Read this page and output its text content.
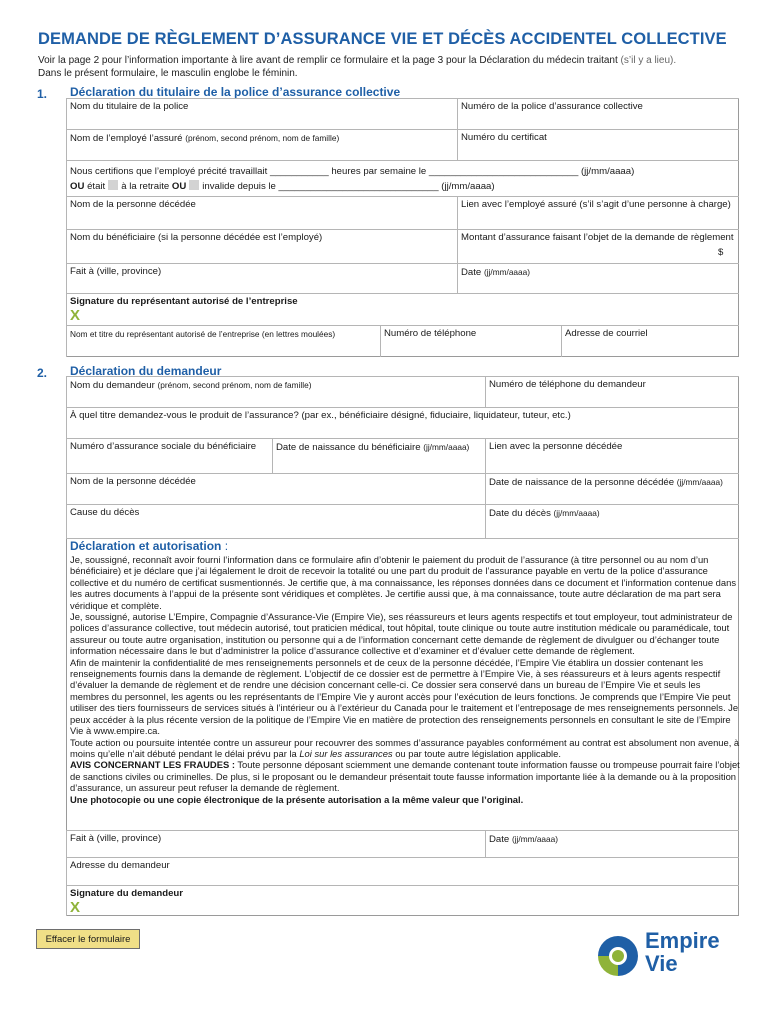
DEMANDE DE RÈGLEMENT D’ASSURANCE VIE ET DÉCÈS ACCIDENTEL COLLECTIVE
Voir la page 2 pour l’information importante à lire avant de remplir ce formulaire et la page 3 pour la Déclaration du médecin traitant (s’il y a lieu).
Dans le présent formulaire, le masculin englobe le féminin.
1. Déclaration du titulaire de la police d’assurance collective
Nom du titulaire de la police	Numéro de la police d’assurance collective
Nom de l’employé l’assuré (prénom, second prénom, nom de famille)	Numéro du certificat
Nous certifions que l’employé précité travaillait ___________ heures par semaine le ____________________________ (jj/mm/aaaa)
OU était à la retraite OU invalide depuis le ______________________________ (jj/mm/aaaa)
Nom de la personne décédée	Lien avec l’employé assuré (s’il s’agit d’une personne à charge)
Nom du bénéficiaire (si la personne décédée est l’employé)	Montant d’assurance faisant l’objet de la demande de règlement
$
Fait à (ville, province)	Date (jj/mm/aaaa)
Signature du représentant autorisé de l’entreprise
X
Nom et titre du représentant autorisé de l’entreprise (en lettres moulées)	Numéro de téléphone	Adresse de courriel
2. Déclaration du demandeur
Nom du demandeur (prénom, second prénom, nom de famille)	Numéro de téléphone du demandeur
À quel titre demandez-vous le produit de l’assurance? (par ex., bénéficiaire désigné, fiduciaire, liquidateur, tuteur, etc.)
Numéro d’assurance sociale du bénéficiaire	Date de naissance du bénéficiaire (jj/mm/aaaa)	Lien avec la personne décédée
Nom de la personne décédée	Date de naissance de la personne décédée (jj/mm/aaaa)
Cause du décès	Date du décès (jj/mm/aaaa)
Déclaration et autorisation :

Je, soussigné, reconnaît avoir fourni l’information dans ce formulaire afin d’obtenir le paiement du produit de l’assurance (à titre personnel ou au nom d’un bénéficiaire) et je déclare que j’ai légalement le droit de recevoir la totalité ou une part du produit de l’assurance payable en vertu de la police d’assurance collective et du numéro de certificat susmentionnés. Je certifie que, à ma connaissance, les réponses données dans ce document et l’information contenue dans les autres documents à l’appui de la présente sont véridiques et complètes. Je certifie aussi que, à ma connaissance, toute autre déclaration de ma part sera véridique et complète.

Je, soussigné, autorise L’Empire, Compagnie d’Assurance-Vie (Empire Vie), ses réassureurs et leurs agents respectifs et tout employeur, tout administrateur de polices d’assurance collective, tout médecin autorisé, tout praticien médical, tout hôpital, toute clinique ou toute autre institution médicale ou paramédicale, tout assureur ou toute autre organisation, institution ou personne qui a de l’information concernant cette demande de règlement de divulguer ou d’échanger toute information nécessaire dans le but d’administrer la police d’assurance collective et d’examiner et d’évaluer cette demande de règlement.

Afin de maintenir la confidentialité de mes renseignements personnels et de ceux de la personne décédée, l’Empire Vie établira un dossier contenant les renseignements fournis dans la demande de règlement. L’objectif de ce dossier est de permettre à l’Empire Vie, à ses réassureurs et à leurs agents respectif d’évaluer la demande de règlement et de rendre une décision concernant celle-ci. Ce dossier sera conservé dans un bureau de l’Empire Vie et seuls les membres du personnel, les agents ou les représentants de l’Empire Vie y auront accès pour l’exécution de leurs fonctions. Je comprends que l’Empire Vie peut utiliser des tiers fournisseurs de services situés à l’intérieur ou à l’extérieur du Canada pour le traitement et l’entreposage de mes renseignements personnels. Je peux accéder à la plus récente version de la politique de l’Empire Vie en matière de protection des renseignements personnels en consultant le site de l’Empire Vie à www.empire.ca.

Toute action ou poursuite intentée contre un assureur pour recouvrer des sommes d’assurance payables conformément au contrat est absolument non avenue, à moins qu’elle n’ait débuté pendant le délai prévu par la Loi sur les assurances ou par toute autre législation applicable.

AVIS CONCERNANT LES FRAUDES : Toute personne déposant sciemment une demande contenant toute information fausse ou trompeuse pourrait faire l’objet de sanctions civiles ou criminelles. De plus, si le proposant ou le demandeur présentait toute fausse information importante liée à la demande ou à la proposition d’assurance, un assureur peut refuser la demande de règlement.

Une photocopie ou une copie électronique de la présente autorisation a la même valeur que l’original.

Fait à (ville, province)	Date (jj/mm/aaaa)
Adresse du demandeur
Signature du demandeur
X
Effacer le formulaire	Empire
Vie
